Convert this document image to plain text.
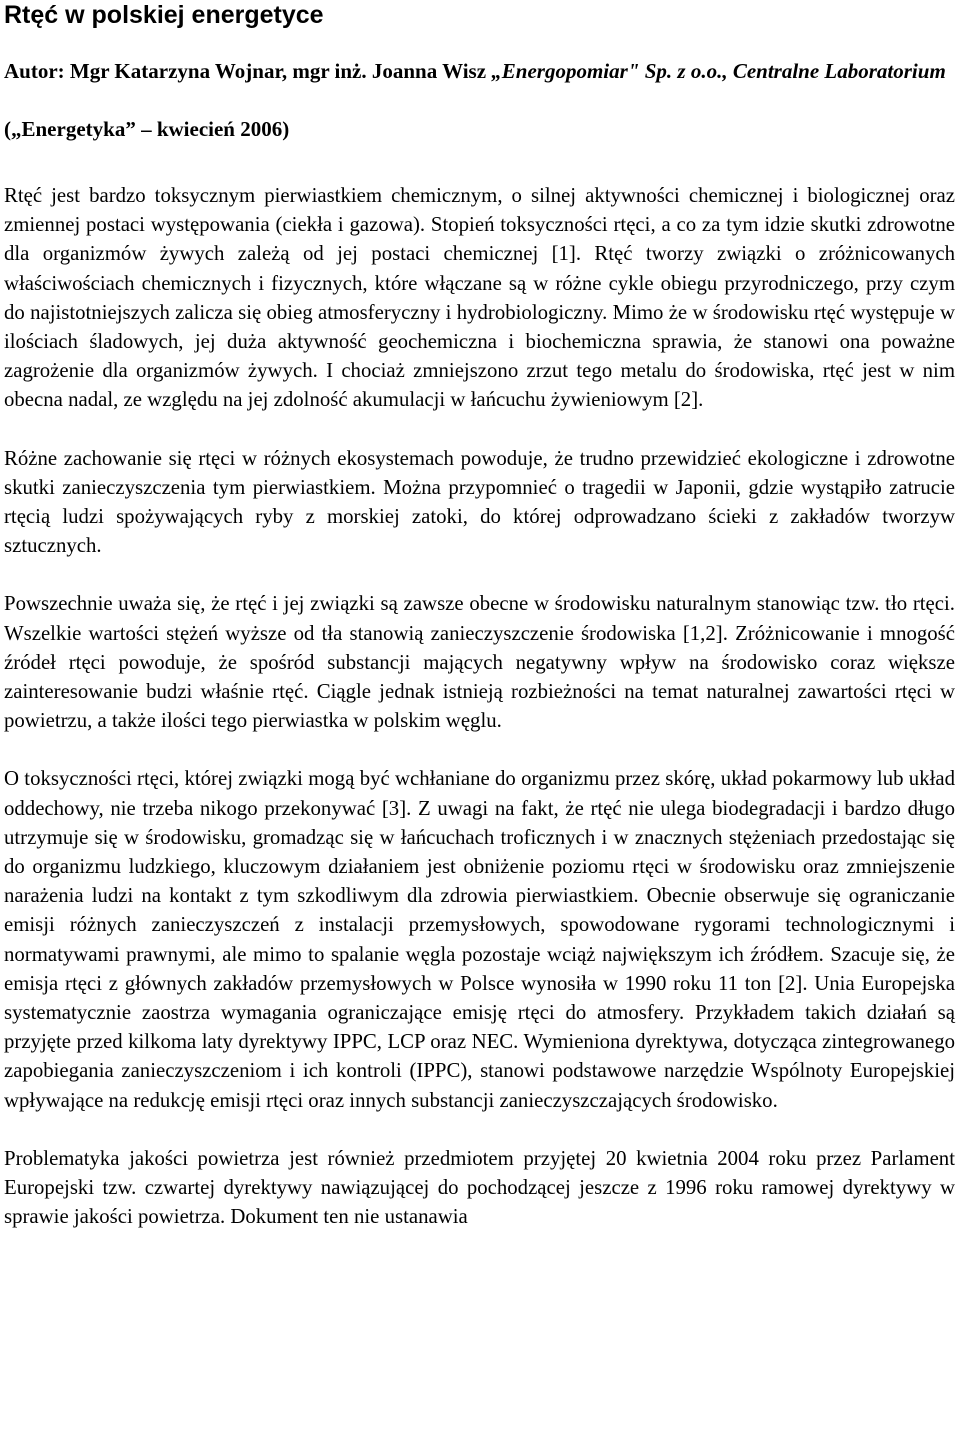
Rtęć w polskiej energetyce

Autor: Mgr Katarzyna Wojnar, mgr inż. Joanna Wisz „Energopomiar" Sp. z o.o., Centralne Laboratorium

(„Energetyka” – kwiecień 2006)

Rtęć jest bardzo toksycznym pierwiastkiem chemicznym, o silnej aktywności chemicznej i biologicznej oraz zmiennej postaci występowania (ciekła i gazowa). Stopień toksyczności rtęci, a co za tym idzie skutki zdrowotne dla organizmów żywych zależą od jej postaci chemicznej [1]. Rtęć tworzy związki o zróżnicowanych właściwościach chemicznych i fizycznych, które włączane są w różne cykle obiegu przyrodniczego, przy czym do najistotniejszych zalicza się obieg atmosferyczny i hydrobiologiczny. Mimo że w środowisku rtęć występuje w ilościach śladowych, jej duża aktywność geochemiczna i biochemiczna sprawia, że stanowi ona poważne zagrożenie dla organizmów żywych. I chociaż zmniejszono zrzut tego metalu do środowiska, rtęć jest w nim obecna nadal, ze względu na jej zdolność akumulacji w łańcuchu żywieniowym [2].

Różne zachowanie się rtęci w różnych ekosystemach powoduje, że trudno przewidzieć ekologiczne i zdrowotne skutki zanieczyszczenia tym pierwiastkiem. Można przypomnieć o tragedii w Japonii, gdzie wystąpiło zatrucie rtęcią ludzi spożywających ryby z morskiej zatoki, do której odprowadzano ścieki z zakładów tworzyw sztucznych.

Powszechnie uważa się, że rtęć i jej związki są zawsze obecne w środowisku naturalnym stanowiąc tzw. tło rtęci. Wszelkie wartości stężeń wyższe od tła stanowią zanieczyszczenie środowiska [1,2]. Zróżnicowanie i mnogość źródeł rtęci powoduje, że spośród substancji mających negatywny wpływ na środowisko coraz większe zainteresowanie budzi właśnie rtęć. Ciągle jednak istnieją rozbieżności na temat naturalnej zawartości rtęci w powietrzu, a także ilości tego pierwiastka w polskim węglu.

O toksyczności rtęci, której związki mogą być wchłaniane do organizmu przez skórę, układ pokarmowy lub układ oddechowy, nie trzeba nikogo przekonywać [3]. Z uwagi na fakt, że rtęć nie ulega biodegradacji i bardzo długo utrzymuje się w środowisku, gromadząc się w łańcuchach troficznych i w znacznych stężeniach przedostając się do organizmu ludzkiego, kluczowym działaniem jest obniżenie poziomu rtęci w środowisku oraz zmniejszenie narażenia ludzi na kontakt z tym szkodliwym dla zdrowia pierwiastkiem. Obecnie obserwuje się ograniczanie emisji różnych zanieczyszczeń z instalacji przemysłowych, spowodowane rygorami technologicznymi i normatywami prawnymi, ale mimo to spalanie węgla pozostaje wciąż największym ich źródłem. Szacuje się, że emisja rtęci z głównych zakładów przemysłowych w Polsce wynosiła w 1990 roku 11 ton [2]. Unia Europejska systematycznie zaostrza wymagania ograniczające emisję rtęci do atmosfery. Przykładem takich działań są przyjęte przed kilkoma laty dyrektywy IPPC, LCP oraz NEC. Wymieniona dyrektywa, dotycząca zintegrowanego zapobiegania zanieczyszczeniom i ich kontroli (IPPC), stanowi podstawowe narzędzie Wspólnoty Europejskiej wpływające na redukcję emisji rtęci oraz innych substancji zanieczyszczających środowisko.

Problematyka jakości powietrza jest również przedmiotem przyjętej 20 kwietnia 2004 roku przez Parlament Europejski tzw. czwartej dyrektywy nawiązującej do pochodzącej jeszcze z 1996 roku ramowej dyrektywy w sprawie jakości powietrza. Dokument ten nie ustanawia
